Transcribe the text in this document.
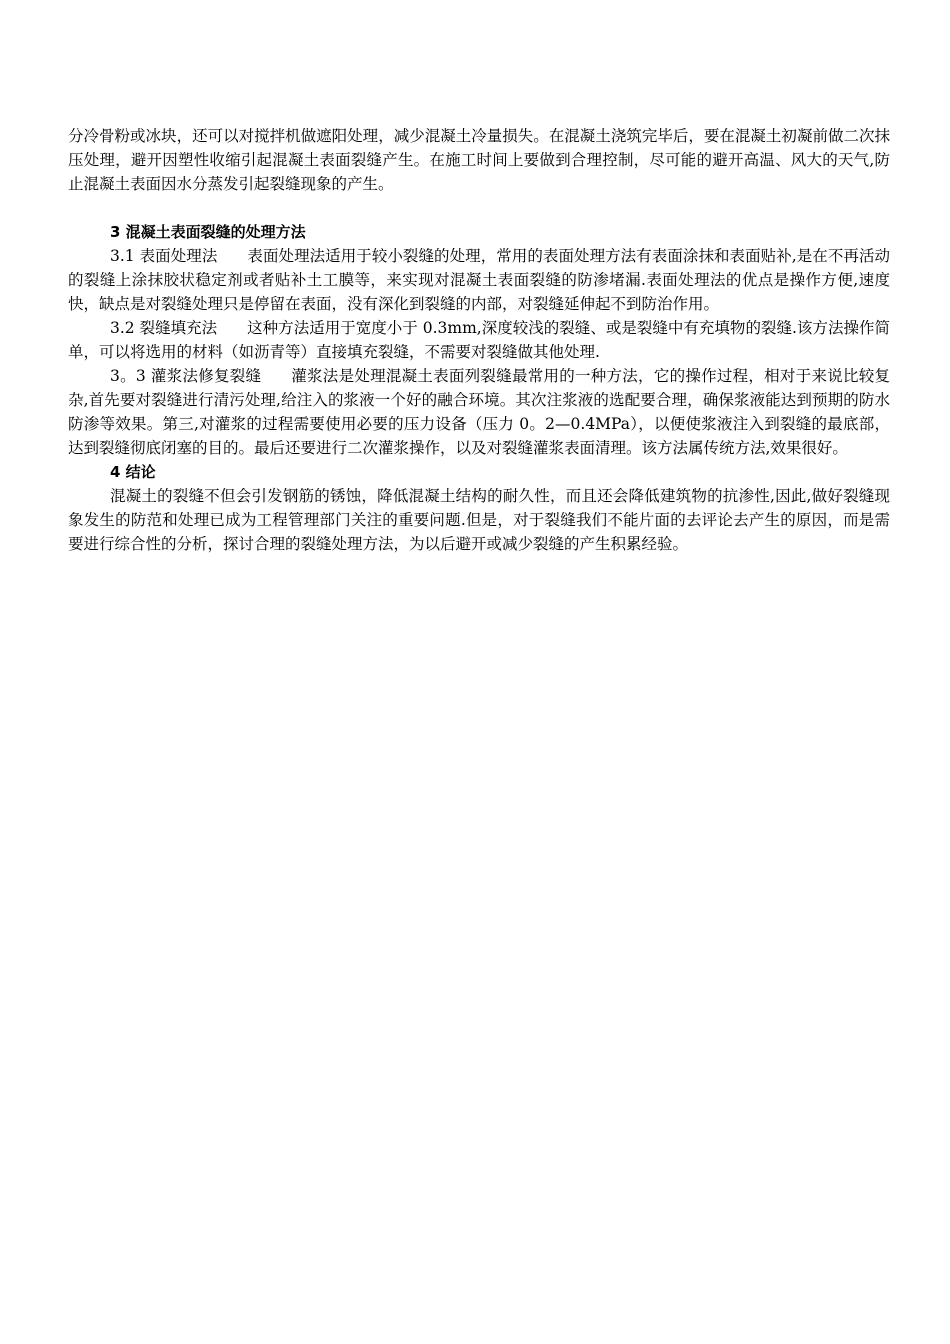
分冷骨粉或冰块，还可以对搅拌机做遮阳处理，减少混凝土冷量损失。在混凝土浇筑完毕后，要在混凝土初凝前做二次抹压处理，避开因塑性收缩引起混凝土表面裂缝产生。在施工时间上要做到合理控制，尽可能的避开高温、风大的天气,防止混凝土表面因水分蒸发引起裂缝现象的产生。

3 混凝土表面裂缝的处理方法

3.1 表面处理法 表面处理法适用于较小裂缝的处理，常用的表面处理方法有表面涂抹和表面贴补,是在不再活动的裂缝上涂抹胶状稳定剂或者贴补土工膜等，来实现对混凝土表面裂缝的防渗堵漏.表面处理法的优点是操作方便,速度快，缺点是对裂缝处理只是停留在表面，没有深化到裂缝的内部，对裂缝延伸起不到防治作用。

3.2 裂缝填充法 这种方法适用于宽度小于 0.3mm,深度较浅的裂缝、或是裂缝中有充填物的裂缝.该方法操作简单，可以将选用的材料（如沥青等）直接填充裂缝，不需要对裂缝做其他处理.

3。3 灌浆法修复裂缝 灌浆法是处理混凝土表面列裂缝最常用的一种方法，它的操作过程，相对于来说比较复杂,首先要对裂缝进行清污处理,给注入的浆液一个好的融合环境。其次注浆液的选配要合理，确保浆液能达到预期的防水防渗等效果。第三,对灌浆的过程需要使用必要的压力设备（压力 0。2—0.4MPa），以便使浆液注入到裂缝的最底部，达到裂缝彻底闭塞的目的。最后还要进行二次灌浆操作，以及对裂缝灌浆表面清理。该方法属传统方法,效果很好。

4 结论

混凝土的裂缝不但会引发钢筋的锈蚀，降低混凝土结构的耐久性，而且还会降低建筑物的抗渗性,因此,做好裂缝现象发生的防范和处理已成为工程管理部门关注的重要问题.但是，对于裂缝我们不能片面的去评论去产生的原因，而是需要进行综合性的分析，探讨合理的裂缝处理方法，为以后避开或减少裂缝的产生积累经验。
